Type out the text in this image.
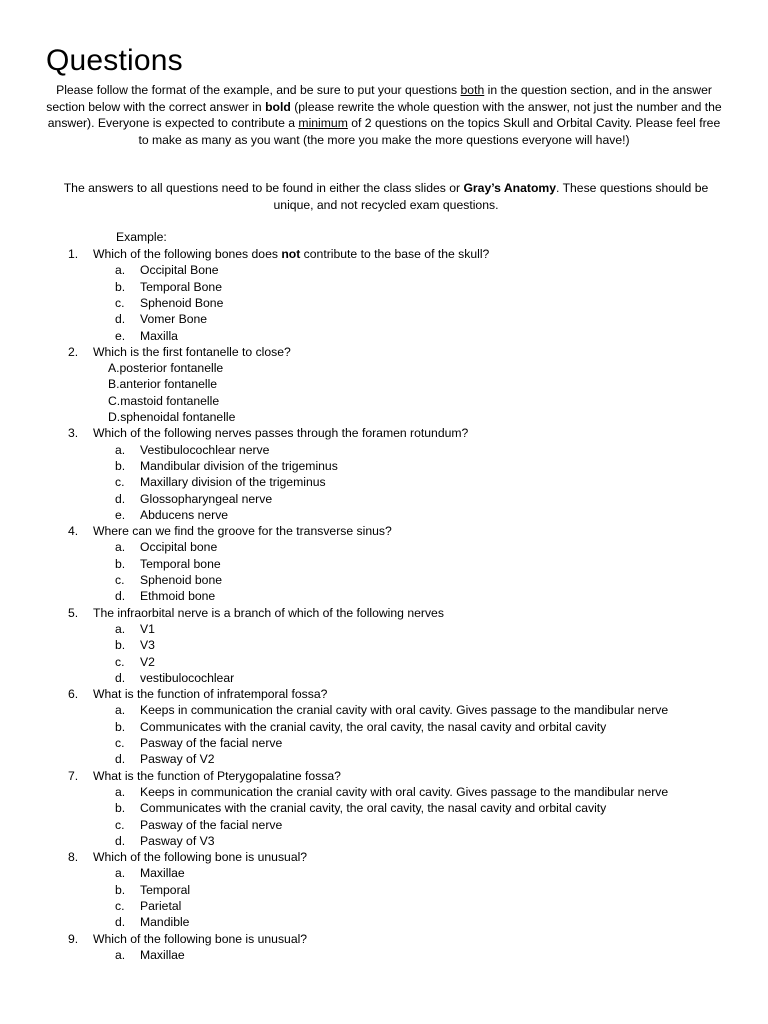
Questions
Please follow the format of the example, and be sure to put your questions both in the question section, and in the answer section below with the correct answer in bold (please rewrite the whole question with the answer, not just the number and the answer). Everyone is expected to contribute a minimum of 2 questions on the topics Skull and Orbital Cavity. Please feel free to make as many as you want (the more you make the more questions everyone will have!)
The answers to all questions need to be found in either the class slides or Gray’s Anatomy. These questions should be unique, and not recycled exam questions.
Example:
1.	Which of the following bones does not contribute to the base of the skull?
a.	Occipital Bone
b.	Temporal Bone
c.	Sphenoid Bone
d.	Vomer Bone
e.	Maxilla
2.	Which is the first fontanelle to close?
A.posterior fontanelle
B.anterior fontanelle
C.mastoid fontanelle
D.sphenoidal fontanelle
3.	Which of the following nerves passes through the foramen rotundum?
a.	Vestibulocochlear nerve
b.	Mandibular division of the trigeminus
c.	Maxillary division of the trigeminus
d.	Glossopharyngeal nerve
e.	Abducens nerve
4.	Where can we find the groove for the transverse sinus?
a.	Occipital bone
b.	Temporal bone
c.	Sphenoid bone
d.	Ethmoid bone
5.	The infraorbital nerve is a branch of which of the following nerves
a.	V1
b.	V3
c.	V2
d.	vestibulocochlear
6.	What is the function of infratemporal fossa?
a.	Keeps in communication the cranial cavity with oral cavity. Gives passage to the mandibular nerve
b.	Communicates with the cranial cavity, the oral cavity, the nasal cavity and orbital cavity
c.	Pasway of the facial nerve
d.	Pasway of V2
7.	What is the function of Pterygopalatine fossa?
a.	Keeps in communication the cranial cavity with oral cavity. Gives passage to the mandibular nerve
b.	Communicates with the cranial cavity, the oral cavity, the nasal cavity and orbital cavity
c.	Pasway of the facial nerve
d.	Pasway of V3
8.	Which of the following bone is unusual?
a.	Maxillae
b.	Temporal
c.	Parietal
d.	Mandible
9.	Which of the following bone is unusual?
a.	Maxillae
